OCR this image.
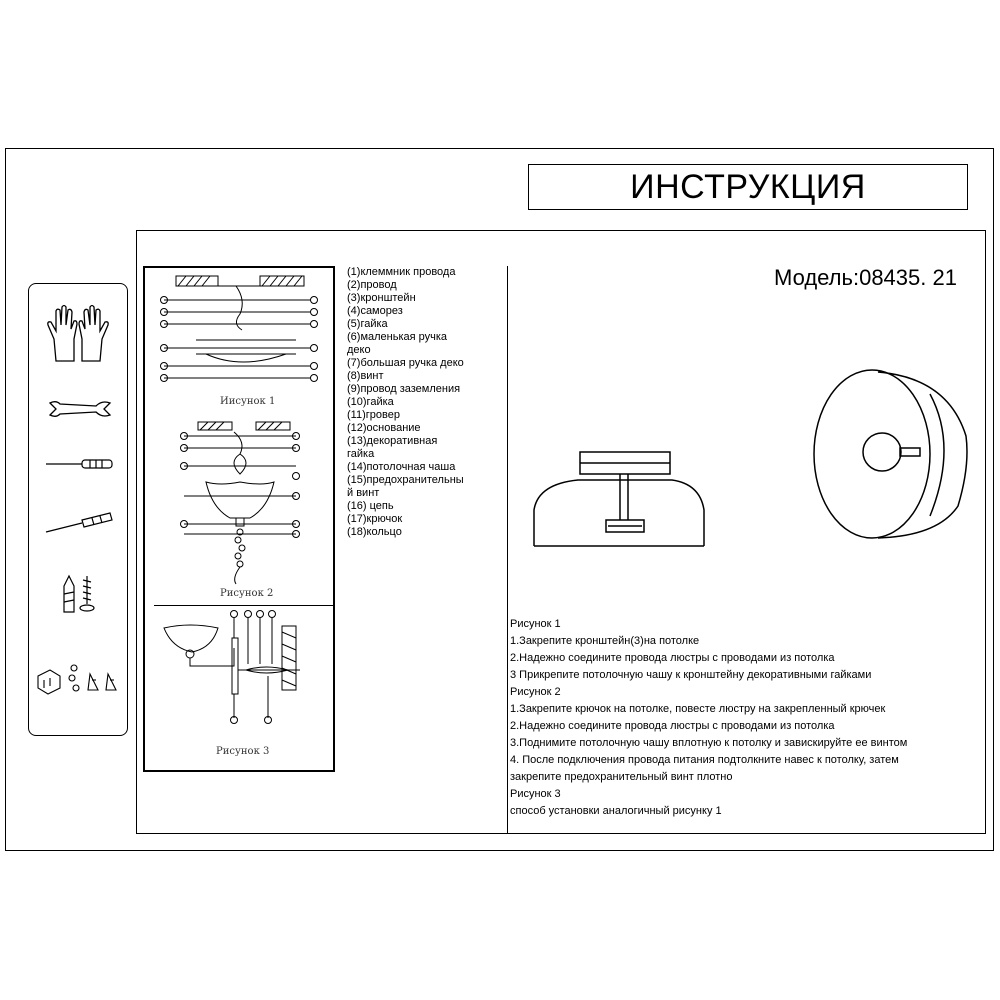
ИНСТРУКЦИЯ
Иисунок 1
Рисунок 2
Рисунок 3
(1)клеммник провода
(2)провод
(3)кронштейн
(4)саморез
(5)гайка
(6)маленькая ручка
деко
(7)большая ручка деко
(8)винт
(9)провод заземления
(10)гайка
(11)гровер
(12)основание
(13)декоративная
гайка
(14)потолочная чаша
(15)предохранительны
й винт
(16) цепь
(17)крючок
(18)кольцо
Модель:08435. 21
Рисунок 1
1.Закрепите кронштейн(3)на потолке
2.Надежно соедините провода люстры с проводами из потолка
3 Прикрепите потолочную чашу к кронштейну декоративными гайками
Рисунок 2
1.Закрепите крючок на потолке, повесте люстру на закрепленный крючек
2.Надежно соедините провода люстры с проводами из потолка
3.Поднимите потолочную чашу вплотную к потолку и завискируйте ее винтом
4. После подключения провода питания подтолкните навес к потолку, затем
закрепите предохранительный винт плотно
Рисунок 3
способ установки аналогичный рисунку 1
